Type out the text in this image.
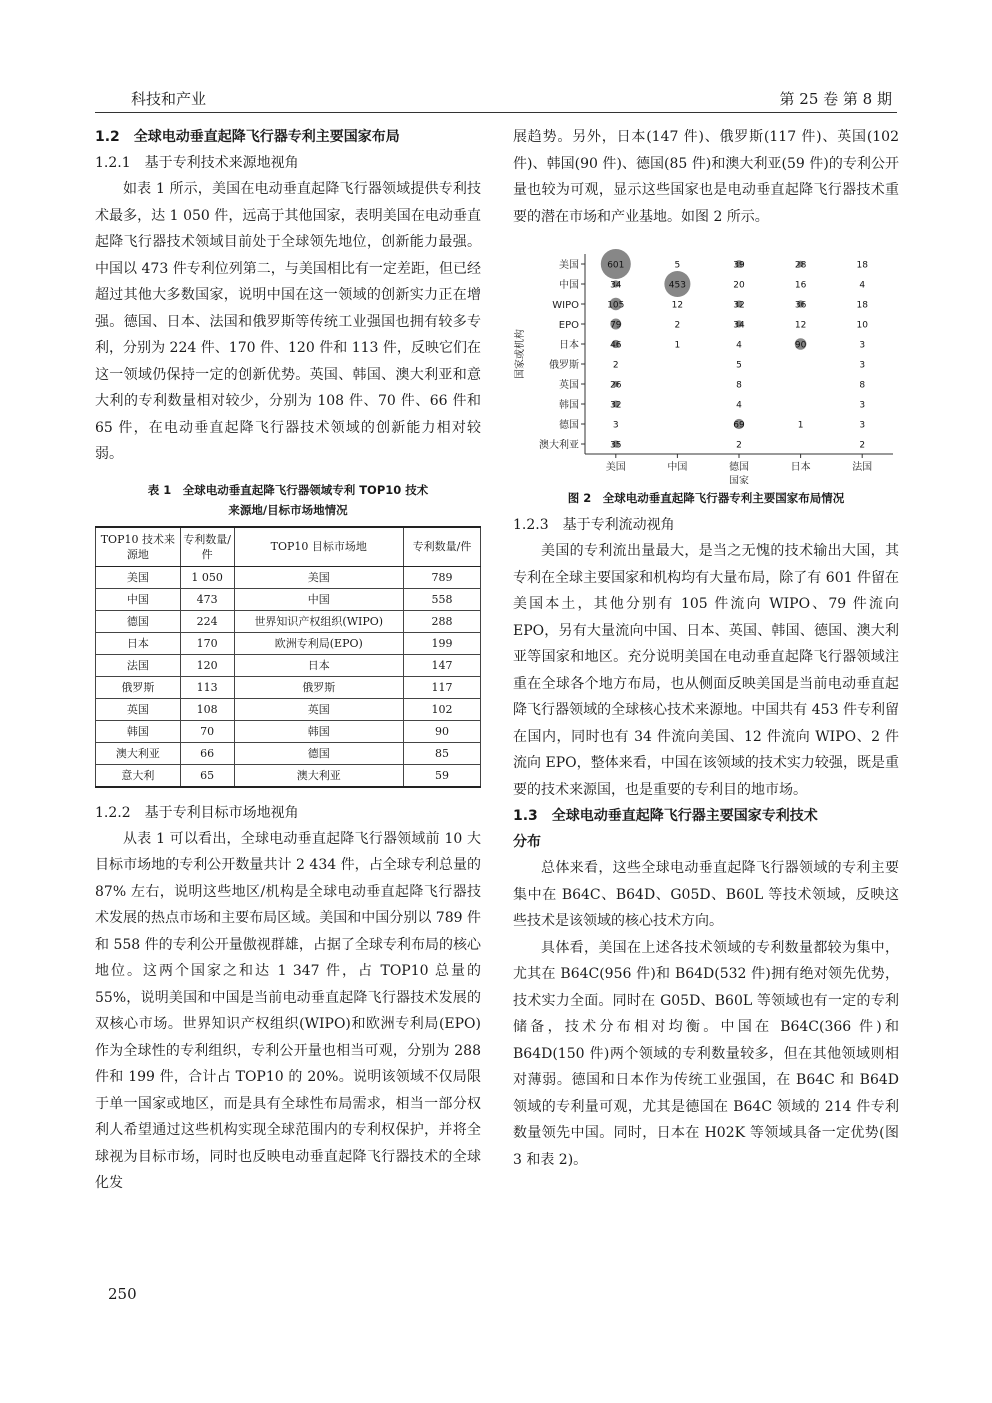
科技和产业	第 25 卷 第 8 期

1.2　全球电动垂直起降飞行器专利主要国家布局

1.2.1　基于专利技术来源地视角

如表 1 所示，美国在电动垂直起降飞行器领域提供专利技术最多，达 1 050 件，远高于其他国家，表明美国在电动垂直起降飞行器技术领域目前处于全球领先地位，创新能力最强。中国以 473 件专利位列第二，与美国相比有一定差距，但已经超过其他大多数国家，说明中国在这一领域的创新实力正在增强。德国、日本、法国和俄罗斯等传统工业强国也拥有较多专利，分别为 224 件、170 件、120 件和 113 件，反映它们在这一领域仍保持一定的创新优势。英国、韩国、澳大利亚和意大利的专利数量相对较少，分别为 108 件、70 件、66 件和 65 件，在电动垂直起降飞行器技术领域的创新能力相对较弱。

表 1　全球电动垂直起降飞行器领域专利 TOP10 技术
来源地/目标市场地情况
TOP10 技术来源地	专利数量/件	TOP10 目标市场地	专利数量/件
美国	1 050	美国	789
中国	473	中国	558
德国	224	世界知识产权组织(WIPO)	288
日本	170	欧洲专利局(EPO)	199
法国	120	日本	147
俄罗斯	113	俄罗斯	117
英国	108	英国	102
韩国	70	韩国	90
澳大利亚	66	德国	85
意大利	65	澳大利亚	59

1.2.2　基于专利目标市场地视角

从表 1 可以看出，全球电动垂直起降飞行器领域前 10 大目标市场地的专利公开数量共计 2 434 件，占全球专利总量的 87% 左右，说明这些地区/机构是全球电动垂直起降飞行器技术发展的热点市场和主要布局区域。美国和中国分别以 789 件和 558 件的专利公开量傲视群雄，占据了全球专利布局的核心地位。这两个国家之和达 1 347 件，占 TOP10 总量的 55%，说明美国和中国是当前电动垂直起降飞行器技术发展的双核心市场。世界知识产权组织(WIPO)和欧洲专利局(EPO)作为全球性的专利组织，专利公开量也相当可观，分别为 288 件和 199 件，合计占 TOP10 的 20%。说明该领域不仅局限于单一国家或地区，而是具有全球性布局需求，相当一部分权利人希望通过这些机构实现全球范围内的专利权保护，并将全球视为目标市场，同时也反映电动垂直起降飞行器技术的全球化发

展趋势。另外，日本(147 件)、俄罗斯(117 件)、英国(102 件)、韩国(90 件)、德国(85 件)和澳大利亚(59 件)的专利公开量也较为可观，显示这些国家也是电动垂直起降飞行器技术重要的潜在市场和产业基地。如图 2 所示。

美国
中国
WIPO
EPO
日本
俄罗斯
英国
韩国
德国
澳大利亚
美国	中国	德国	日本	法国
国家
国家或机构
601	5	39	28	18
34	453	20	16	4
105	12	32	36	18
79	2	34	12	10
46	1	4	90	3
2	5	3
26	8	8
32	4	3
3	69	1	3
35	2	2
图 2　全球电动垂直起降飞行器专利主要国家布局情况

1.2.3　基于专利流动视角

美国的专利流出量最大，是当之无愧的技术输出大国，其专利在全球主要国家和机构均有大量布局，除了有 601 件留在美国本土，其他分别有 105 件流向 WIPO、79 件流向 EPO，另有大量流向中国、日本、英国、韩国、德国、澳大利亚等国家和地区。充分说明美国在电动垂直起降飞行器领域注重在全球各个地方布局，也从侧面反映美国是当前电动垂直起降飞行器领域的全球核心技术来源地。中国共有 453 件专利留在国内，同时也有 34 件流向美国、12 件流向 WIPO、2 件流向 EPO，整体来看，中国在该领域的技术实力较强，既是重要的技术来源国，也是重要的专利目的地市场。

1.3　全球电动垂直起降飞行器主要国家专利技术
分布

总体来看，这些全球电动垂直起降飞行器领域的专利主要集中在 B64C、B64D、G05D、B60L 等技术领域，反映这些技术是该领域的核心技术方向。

具体看，美国在上述各技术领域的专利数量都较为集中，尤其在 B64C(956 件)和 B64D(532 件)拥有绝对领先优势，技术实力全面。同时在 G05D、B60L 等领域也有一定的专利储备，技术分布相对均衡。中国在 B64C(366 件)和 B64D(150 件)两个领域的专利数量较多，但在其他领域则相对薄弱。德国和日本作为传统工业强国，在 B64C 和 B64D 领域的专利量可观，尤其是德国在 B64C 领域的 214 件专利数量领先中国。同时，日本在 H02K 等领域具备一定优势(图 3 和表 2)。

250
